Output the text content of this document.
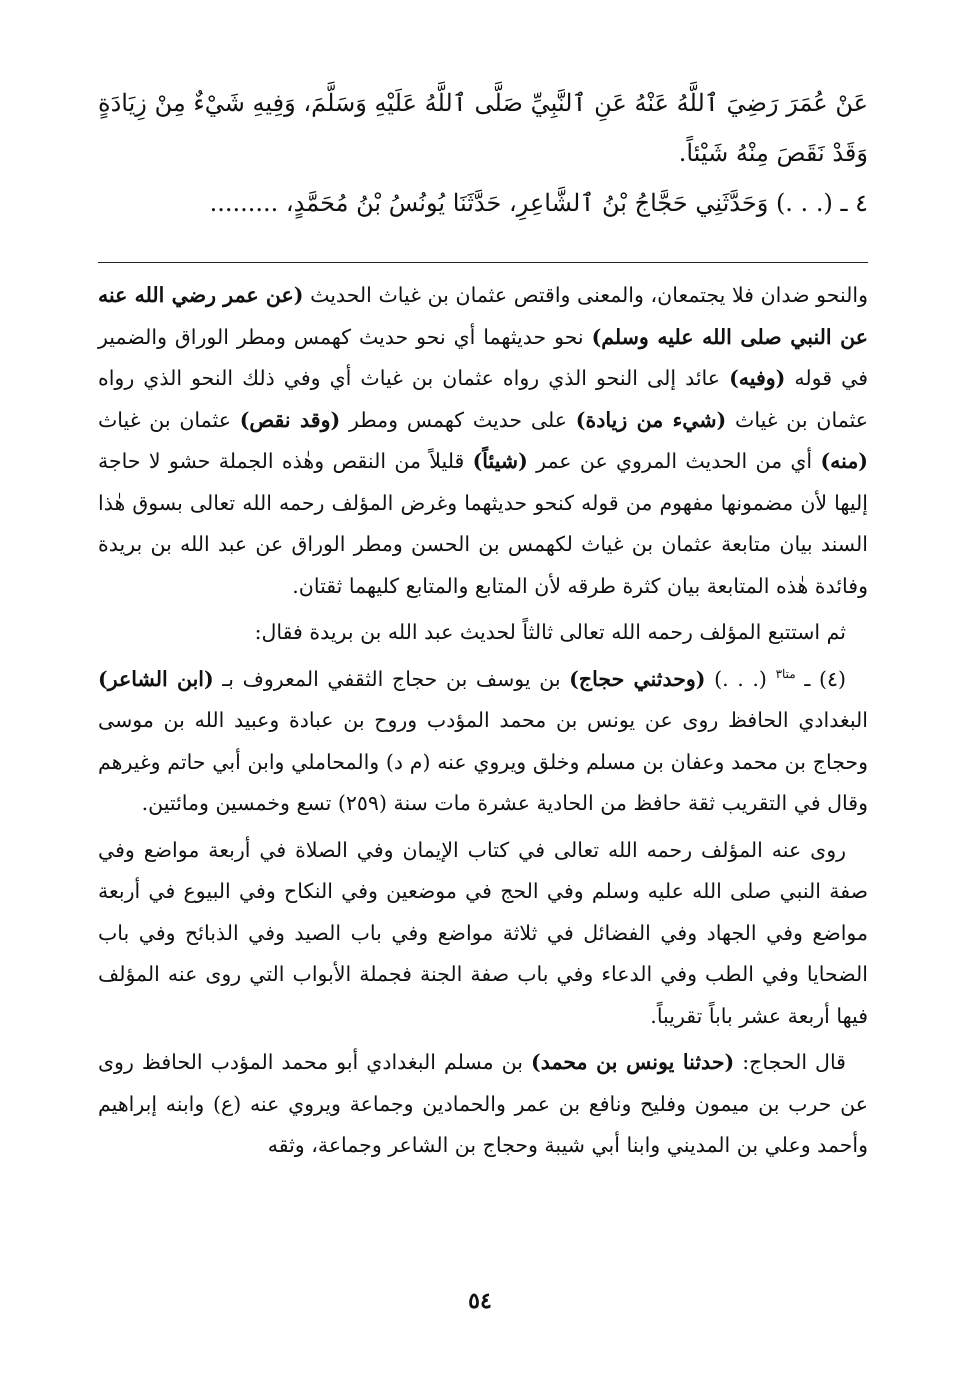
عَنْ عُمَرَ رَضِيَ ٱللَّهُ عَنْهُ عَنِ ٱلنَّبِيِّ صَلَّى ٱللَّهُ عَلَيْهِ وَسَلَّمَ، وَفِيهِ شَيْءٌ مِنْ زِيَادَةٍ وَقَدْ نَقَصَ مِنْهُ شَيْئاً.

٤ ـ (. . .) وَحَدَّثَنِي حَجَّاجُ بْنُ ٱلشَّاعِرِ، حَدَّثَنَا يُونُسُ بْنُ مُحَمَّدٍ، .........

والنحو ضدان فلا يجتمعان، والمعنى واقتص عثمان بن غياث الحديث (عن عمر رضي الله عنه عن النبي صلى الله عليه وسلم) نحو حديثهما أي نحو حديث كهمس ومطر الوراق والضمير في قوله (وفيه) عائد إلى النحو الذي رواه عثمان بن غياث أي وفي ذلك النحو الذي رواه عثمان بن غياث (شيء من زيادة) على حديث كهمس ومطر (وقد نقص) عثمان بن غياث (منه) أي من الحديث المروي عن عمر (شيئاً) قليلاً من النقص وهٰذه الجملة حشو لا حاجة إليها لأن مضمونها مفهوم من قوله كنحو حديثهما وغرض المؤلف رحمه الله تعالى بسوق هٰذا السند بيان متابعة عثمان بن غياث لكهمس بن الحسن ومطر الوراق عن عبد الله بن بريدة وفائدة هٰذه المتابعة بيان كثرة طرقه لأن المتابع والمتابع كليهما ثقتان.

ثم استتبع المؤلف رحمه الله تعالى ثالثاً لحديث عبد الله بن بريدة فقال:

(٤) ـ $^{متا٣}$ (. . .) (وحدثني حجاج) بن يوسف بن حجاج الثقفي المعروف بـ (ابن الشاعر) البغدادي الحافظ روى عن يونس بن محمد المؤدب وروح بن عبادة وعبيد الله بن موسى وحجاج بن محمد وعفان بن مسلم وخلق ويروي عنه (م د) والمحاملي وابن أبي حاتم وغيرهم وقال في التقريب ثقة حافظ من الحادية عشرة مات سنة (٢٥٩) تسع وخمسين ومائتين.

روى عنه المؤلف رحمه الله تعالى في كتاب الإيمان وفي الصلاة في أربعة مواضع وفي صفة النبي صلى الله عليه وسلم وفي الحج في موضعين وفي النكاح وفي البيوع في أربعة مواضع وفي الجهاد وفي الفضائل في ثلاثة مواضع وفي باب الصيد وفي الذبائح وفي باب الضحايا وفي الطب وفي الدعاء وفي باب صفة الجنة فجملة الأبواب التي روى عنه المؤلف فيها أربعة عشر باباً تقريباً.

قال الحجاج: (حدثنا يونس بن محمد) بن مسلم البغدادي أبو محمد المؤدب الحافظ روى عن حرب بن ميمون وفليح ونافع بن عمر والحمادين وجماعة ويروي عنه (ع) وابنه إبراهيم وأحمد وعلي بن المديني وابنا أبي شيبة وحجاج بن الشاعر وجماعة، وثقه

٥٤
